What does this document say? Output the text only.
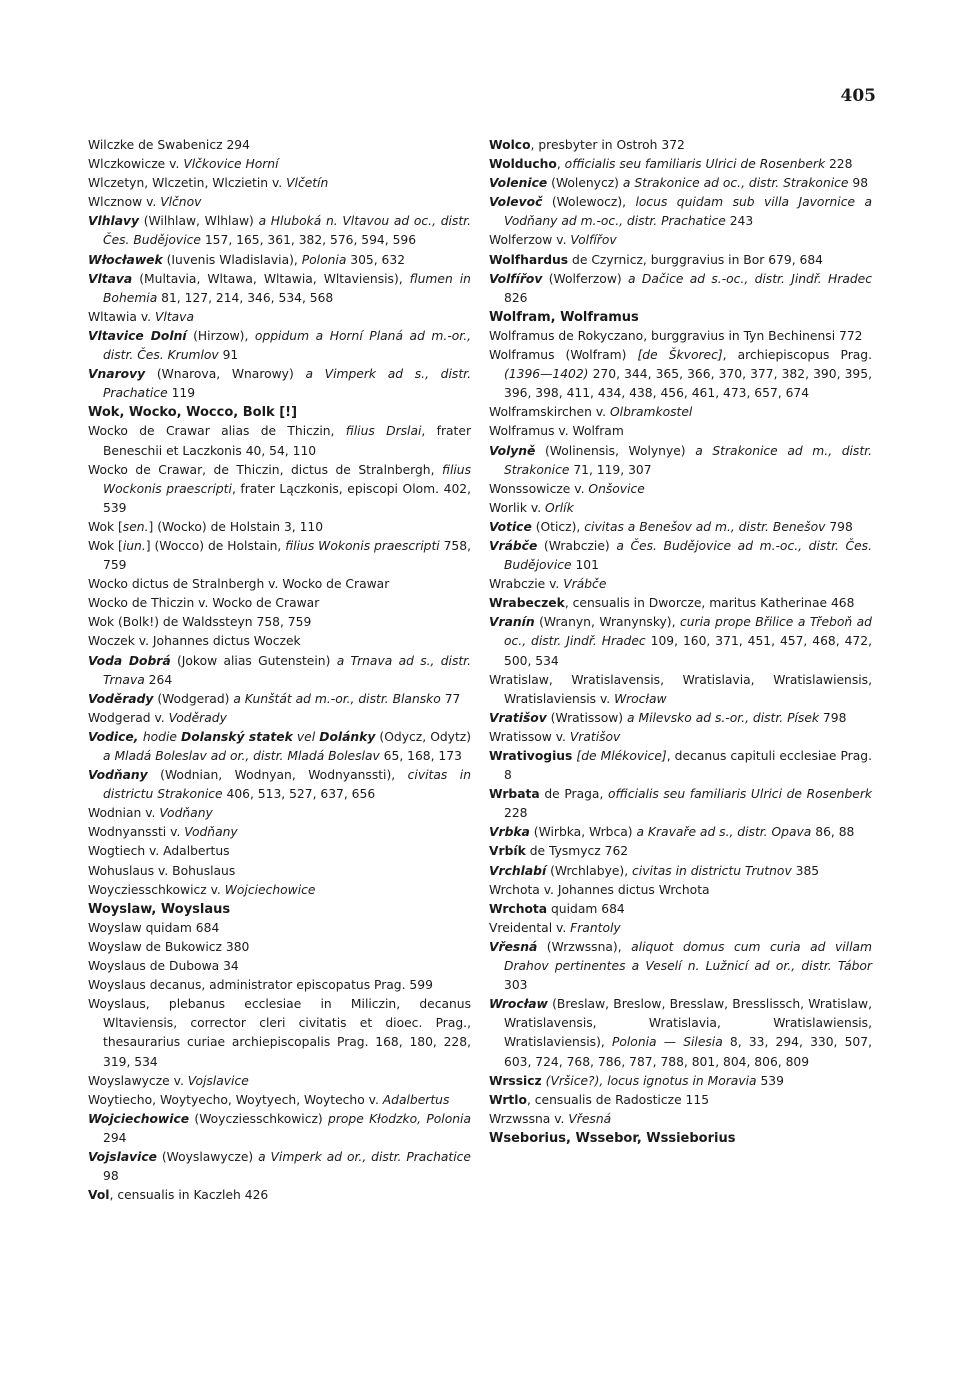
405

Wilczke de Swabenicz 294

Wlczkowicze v. Vlčkovice Horní

Wlczetyn, Wlczetin, Wlczietin v. Vlčetín

Wlcznow v. Vlčnov

Vlhlavy (Wilhlaw, Wlhlaw) a Hluboká n. Vltavou ad oc., distr. Čes. Budějovice 157, 165, 361, 382, 576, 594, 596

Włocławek (Iuvenis Wladislavia), Polonia 305, 632

Vltava (Multavia, Wltawa, Wltawia, Wltaviensis), flumen in Bohemia 81, 127, 214, 346, 534, 568

Wltawia v. Vltava

Vltavice Dolní (Hirzow), oppidum a Horní Planá ad m.-or., distr. Čes. Krumlov 91

Vnarovy (Wnarova, Wnarowy) a Vimperk ad s., distr. Prachatice 119

Wok, Wocko, Wocco, Bolk [!]

Wocko de Crawar alias de Thiczin, filius Drslai, frater Beneschii et Laczkonis 40, 54, 110

Wocko de Crawar, de Thiczin, dictus de Stralnbergh, filius Wockonis praescripti, frater Lączkonis, episcopi Olom. 402, 539

Wok [sen.] (Wocko) de Holstain 3, 110

Wok [iun.] (Wocco) de Holstain, filius Wokonis praescripti 758, 759

Wocko dictus de Stralnbergh v. Wocko de Crawar

Wocko de Thiczin v. Wocko de Crawar

Wok (Bolk!) de Waldssteyn 758, 759

Woczek v. Johannes dictus Woczek

Voda Dobrá (Jokow alias Gutenstein) a Trnava ad s., distr. Trnava 264

Voděrady (Wodgerad) a Kunštát ad m.-or., distr. Blansko 77

Wodgerad v. Voděrady

Vodice, hodie Dolanský statek vel Dolánky (Odycz, Odytz) a Mladá Boleslav ad or., distr. Mladá Boleslav 65, 168, 173

Vodňany (Wodnian, Wodnyan, Wodnyanssti), civitas in districtu Strakonice 406, 513, 527, 637, 656

Wodnian v. Vodňany

Wodnyanssti v. Vodňany

Wogtiech v. Adalbertus

Wohuslaus v. Bohuslaus

Woyczіesschkowicz v. Wojciechowice

Woyslaw, Woyslaus

Woyslaw quidam 684

Woyslaw de Bukowicz 380

Woyslaus de Dubowa 34

Woyslaus decanus, administrator episcopatus Prag. 599

Woyslaus, plebanus ecclesiae in Miliczin, decanus Wltaviensis, corrector cleri civitatis et dioec. Prag., thesaurarius curiae archiepiscopalis Prag. 168, 180, 228, 319, 534

Woyslawycze v. Vojslavice

Woytiecho, Woytyecho, Woytyech, Woytecho v. Adalbertus

Wojciechowice (Woyczіesschkowicz) prope Kłodzko, Polonia 294

Vojslavice (Woyslawycze) a Vimperk ad or., distr. Prachatice 98

Vol, censualis in Kaczleh 426

Wolco, presbyter in Ostroh 372

Wolducho, officialis seu familiaris Ulrici de Rosenberk 228

Volenice (Wolenycz) a Strakonice ad oc., distr. Strakonice 98

Volevoč (Wolewocz), locus quidam sub villa Javornice a Vodňany ad m.-oc., distr. Prachatice 243

Wolferzow v. Volfířov

Wolfhardus de Czyrnicz, burggravius in Bor 679, 684

Volfířov (Wolferzow) a Dačice ad s.-oc., distr. Jindř. Hradec 826

Wolfram, Wolframus

Wolframus de Rokyczano, burggravius in Tyn Bechinensi 772

Wolframus (Wolfram) [de Škvorec], archiepiscopus Prag. (1396—1402) 270, 344, 365, 366, 370, 377, 382, 390, 395, 396, 398, 411, 434, 438, 456, 461, 473, 657, 674

Wolframskirchen v. Olbramkostel

Wolframus v. Wolfram

Volyně (Wolinensis, Wolynye) a Strakonice ad m., distr. Strakonice 71, 119, 307

Wonssowicze v. Onšovice

Worlik v. Orlík

Votice (Oticz), civitas a Benešov ad m., distr. Benešov 798

Vrábče (Wrabczie) a Čes. Budějovice ad m.-oc., distr. Čes. Budějovice 101

Wrabczie v. Vrábče

Wrabeczek, censualis in Dworcze, maritus Katherinae 468

Vranín (Wranyn, Wranynsky), curia prope Břilice a Třeboň ad oc., distr. Jindř. Hradec 109, 160, 371, 451, 457, 468, 472, 500, 534

Wratislaw, Wratislavensis, Wratislavia, Wratislawiensis, Wratislaviensis v. Wrocław

Vratišov (Wratissow) a Milevsko ad s.-or., distr. Písek 798

Wratissow v. Vratišov

Wrativogius [de Mlékovice], decanus capituli ecclesiae Prag. 8

Wrbata de Praga, officialis seu familiaris Ulrici de Rosenberk 228

Vrbka (Wirbka, Wrbca) a Kravaře ad s., distr. Opava 86, 88

Vrbík de Tysmycz 762

Vrchlabí (Wrchlabye), civitas in districtu Trutnov 385

Wrchota v. Johannes dictus Wrchota

Wrchota quidam 684

Vreidental v. Frantoly

Vřesná (Wrzwssna), aliquot domus cum curia ad villam Drahov pertinentes a Veselí n. Lužnicí ad or., distr. Tábor 303

Wrocław (Breslaw, Breslow, Bresslaw, Bresslissch, Wratislaw, Wratislavensis, Wratislavia, Wratislawiensis, Wratislaviensis), Polonia — Silesia 8, 33, 294, 330, 507, 603, 724, 768, 786, 787, 788, 801, 804, 806, 809

Wrssicz (Vršice?), locus ignotus in Moravia 539

Wrtlo, censualis de Radosticze 115

Wrzwssna v. Vřesná

Wseborius, Wssebor, Wssieborius
